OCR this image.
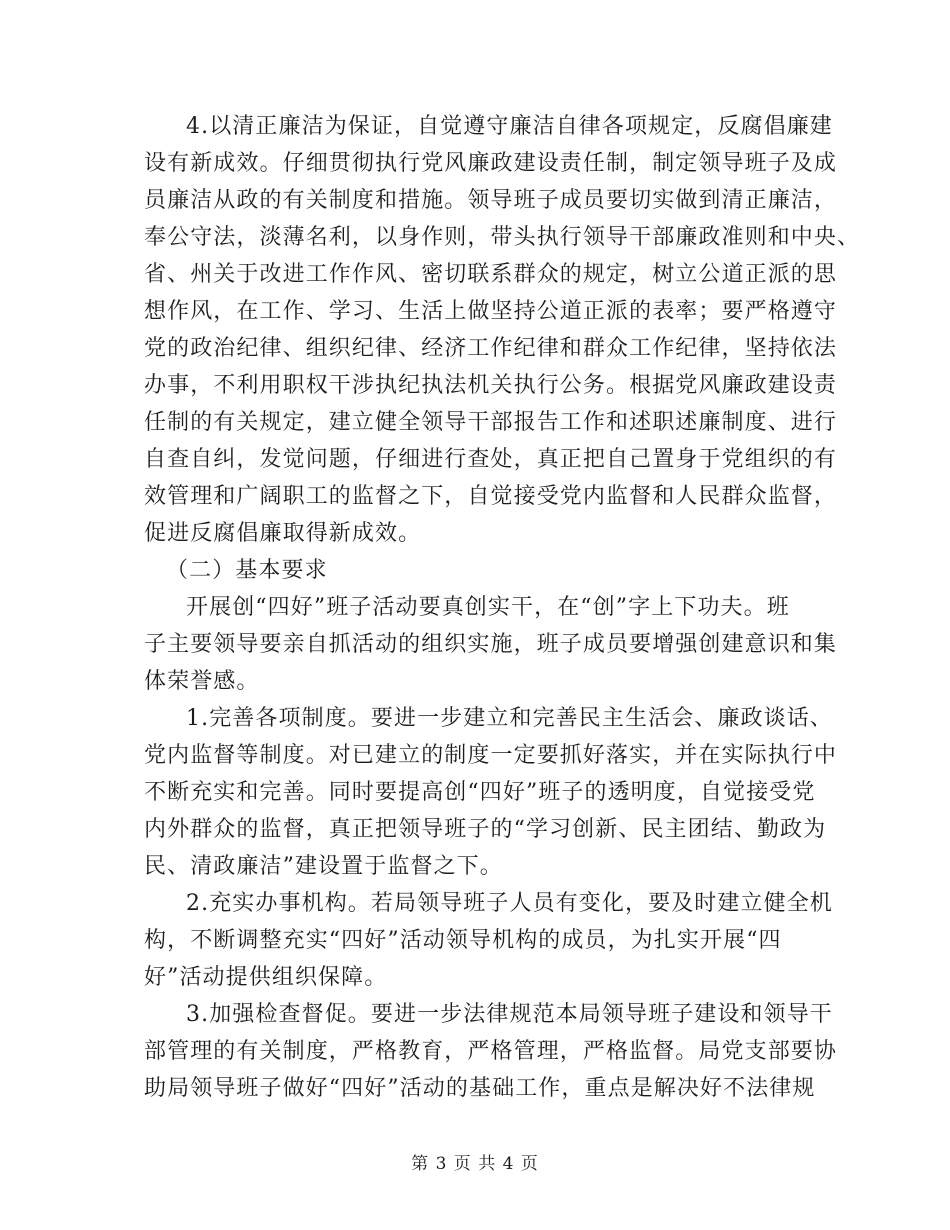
4.以清正廉洁为保证，自觉遵守廉洁自律各项规定，反腐倡廉建
设有新成效。仔细贯彻执行党风廉政建设责任制，制定领导班子及成
员廉洁从政的有关制度和措施。领导班子成员要切实做到清正廉洁，
奉公守法，淡薄名利，以身作则，带头执行领导干部廉政准则和中央、
省、州关于改进工作作风、密切联系群众的规定，树立公道正派的思
想作风，在工作、学习、生活上做坚持公道正派的表率；要严格遵守
党的政治纪律、组织纪律、经济工作纪律和群众工作纪律，坚持依法
办事，不利用职权干涉执纪执法机关执行公务。根据党风廉政建设责
任制的有关规定，建立健全领导干部报告工作和述职述廉制度、进行
自查自纠，发觉问题，仔细进行查处，真正把自己置身于党组织的有
效管理和广阔职工的监督之下，自觉接受党内监督和人民群众监督，
促进反腐倡廉取得新成效。
（二）基本要求
开展创“四好”班子活动要真创实干，在“创”字上下功夫。班
子主要领导要亲自抓活动的组织实施，班子成员要增强创建意识和集
体荣誉感。
1.完善各项制度。要进一步建立和完善民主生活会、廉政谈话、
党内监督等制度。对已建立的制度一定要抓好落实，并在实际执行中
不断充实和完善。同时要提高创“四好”班子的透明度，自觉接受党
内外群众的监督，真正把领导班子的“学习创新、民主团结、勤政为
民、清政廉洁”建设置于监督之下。
2.充实办事机构。若局领导班子人员有变化，要及时建立健全机
构，不断调整充实“四好”活动领导机构的成员，为扎实开展“四
好”活动提供组织保障。
3.加强检查督促。要进一步法律规范本局领导班子建设和领导干
部管理的有关制度，严格教育，严格管理，严格监督。局党支部要协
助局领导班子做好“四好”活动的基础工作，重点是解决好不法律规
第 3 页 共 4 页
